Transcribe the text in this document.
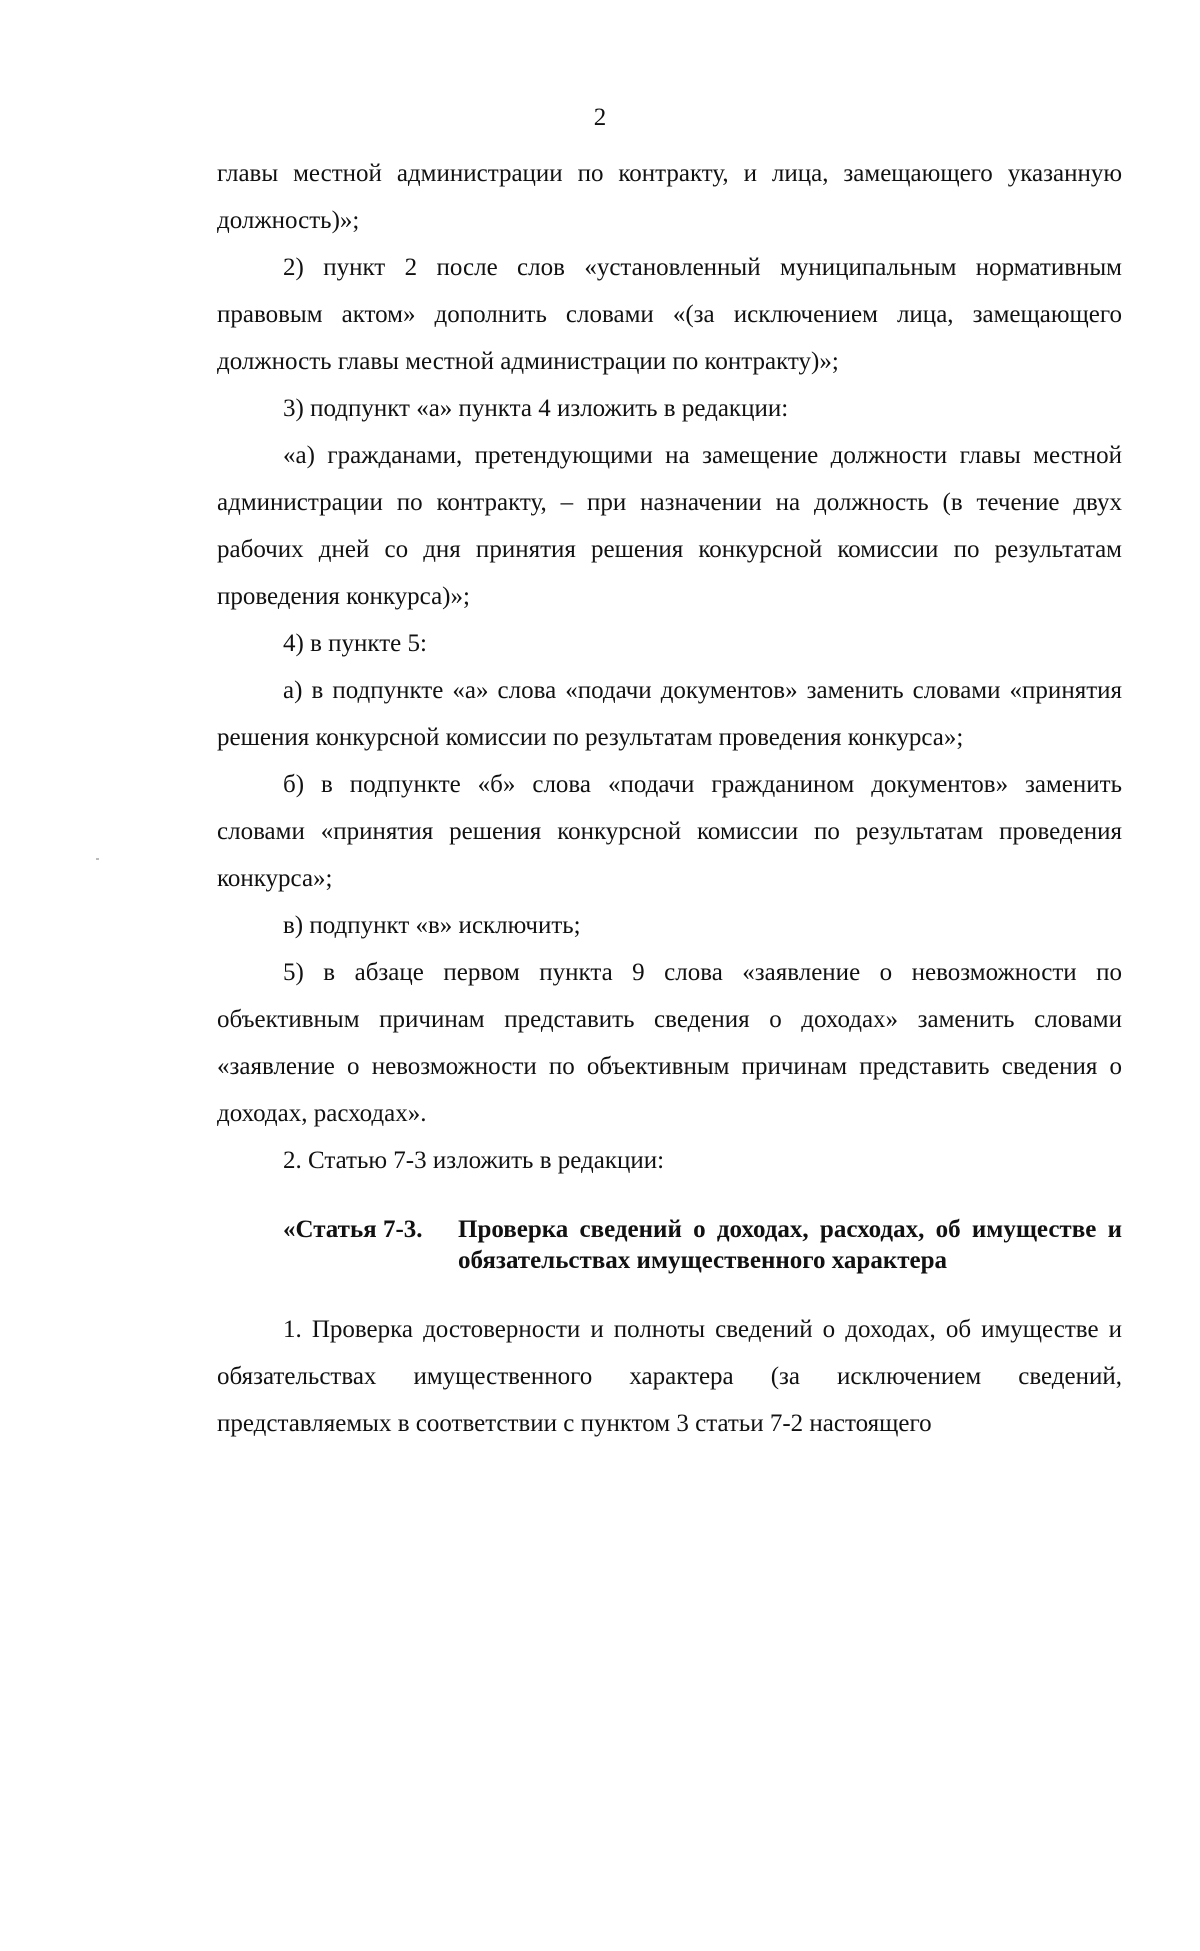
2

главы местной администрации по контракту, и лица, замещающего указанную должность)»;

2) пункт 2 после слов «установленный муниципальным нормативным правовым актом» дополнить словами «(за исключением лица, замещающего должность главы местной администрации по контракту)»;

3) подпункт «а» пункта 4 изложить в редакции:

«а) гражданами, претендующими на замещение должности главы местной администрации по контракту, – при назначении на должность (в течение двух рабочих дней со дня принятия решения конкурсной комиссии по результатам проведения конкурса)»;

4) в пункте 5:

а) в подпункте «а» слова «подачи документов» заменить словами «принятия решения конкурсной комиссии по результатам проведения конкурса»;

б) в подпункте «б» слова «подачи гражданином документов» заменить словами «принятия решения конкурсной комиссии по результатам проведения конкурса»;

в) подпункт «в» исключить;

5) в абзаце первом пункта 9 слова «заявление о невозможности по объективным причинам представить сведения о доходах» заменить словами «заявление о невозможности по объективным причинам представить сведения о доходах, расходах».

2. Статью 7-3 изложить в редакции:

«Статья 7-3.	Проверка сведений о доходах, расходах, об имуществе и обязательствах имущественного характера

1. Проверка достоверности и полноты сведений о доходах, об имуществе и обязательствах имущественного характера (за исключением сведений, представляемых в соответствии с пунктом 3 статьи 7-2 настоящего
